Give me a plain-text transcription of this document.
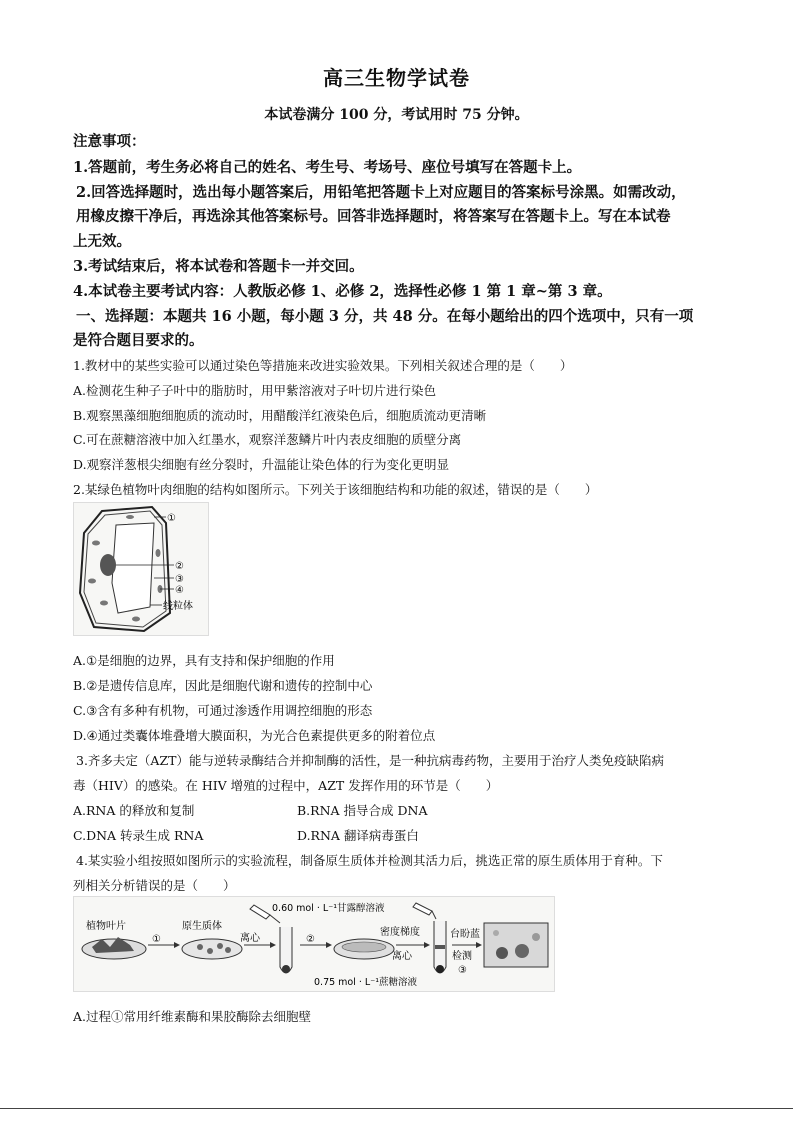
高三生物学试卷
本试卷满分 100 分，考试用时 75 分钟。
注意事项：
1.答题前，考生务必将自己的姓名、考生号、考场号、座位号填写在答题卡上。
2.回答选择题时，选出每小题答案后，用铅笔把答题卡上对应题目的答案标号涂黑。如需改动，
用橡皮擦干净后，再选涂其他答案标号。回答非选择题时，将答案写在答题卡上。写在本试卷
上无效。
3.考试结束后，将本试卷和答题卡一并交回。
4.本试卷主要考试内容：人教版必修 1、必修 2，选择性必修 1 第 1 章~第 3 章。
一、选择题：本题共 16 小题，每小题 3 分，共 48 分。在每小题给出的四个选项中，只有一项
是符合题目要求的。
1.教材中的某些实验可以通过染色等措施来改进实验效果。下列相关叙述合理的是（　　）
A.检测花生种子子叶中的脂肪时，用甲紫溶液对子叶切片进行染色
B.观察黑藻细胞细胞质的流动时，用醋酸洋红液染色后，细胞质流动更清晰
C.可在蔗糖溶液中加入红墨水，观察洋葱鳞片叶内表皮细胞的质壁分离
D.观察洋葱根尖细胞有丝分裂时，升温能让染色体的行为变化更明显
2.某绿色植物叶肉细胞的结构如图所示。下列关于该细胞结构和功能的叙述，错误的是（　　）
①
②
③
④
线粒体
A.①是细胞的边界，具有支持和保护细胞的作用
B.②是遗传信息库，因此是细胞代谢和遗传的控制中心
C.③含有多种有机物，可通过渗透作用调控细胞的形态
D.④通过类囊体堆叠增大膜面积，为光合色素提供更多的附着位点
3.齐多夫定（AZT）能与逆转录酶结合并抑制酶的活性，是一种抗病毒药物，主要用于治疗人类免疫缺陷病
毒（HIV）的感染。在 HIV 增殖的过程中，AZT 发挥作用的环节是（　　）
A.RNA 的释放和复制	B.RNA 指导合成 DNA
C.DNA 转录生成 RNA	D.RNA 翻译病毒蛋白
4.某实验小组按照如图所示的实验流程，制备原生质体并检测其活力后，挑选正常的原生质体用于育种。下
列相关分析错误的是（　　）
植物叶片
①
原生质体
离心
0.60 mol · L⁻¹甘露醇溶液
②
密度梯度
离心
0.75 mol · L⁻¹蔗糖溶液
台盼蓝
检测
③
A.过程①常用纤维素酶和果胶酶除去细胞壁
